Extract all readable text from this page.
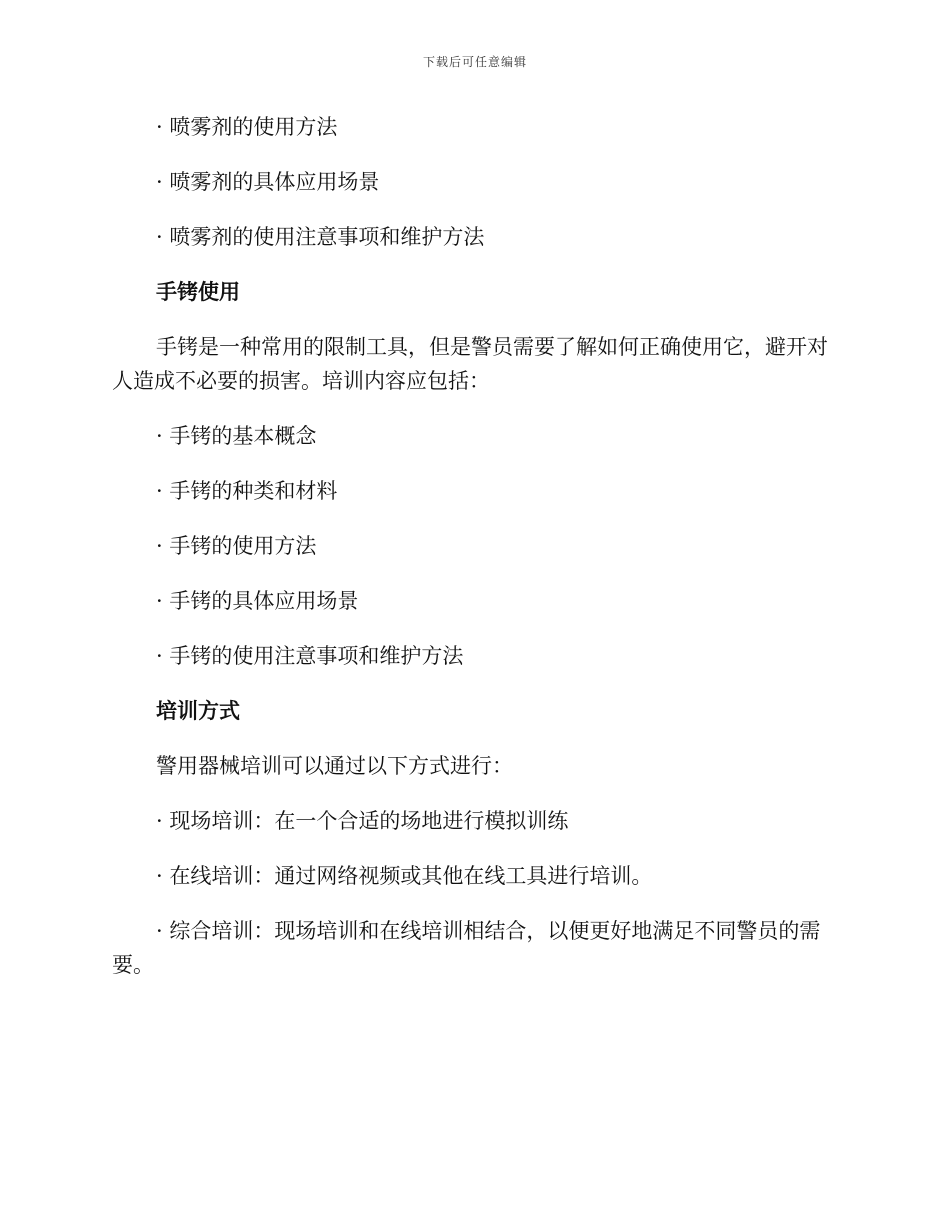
下载后可任意编辑

· 喷雾剂的使用方法

· 喷雾剂的具体应用场景

· 喷雾剂的使用注意事项和维护方法

手铐使用

手铐是一种常用的限制工具，但是警员需要了解如何正确使用它，避开对人造成不必要的损害。培训内容应包括：

· 手铐的基本概念

· 手铐的种类和材料

· 手铐的使用方法

· 手铐的具体应用场景

· 手铐的使用注意事项和维护方法

培训方式

警用器械培训可以通过以下方式进行：

· 现场培训：在一个合适的场地进行模拟训练

· 在线培训：通过网络视频或其他在线工具进行培训。

· 综合培训：现场培训和在线培训相结合，以便更好地满足不同警员的需要。
